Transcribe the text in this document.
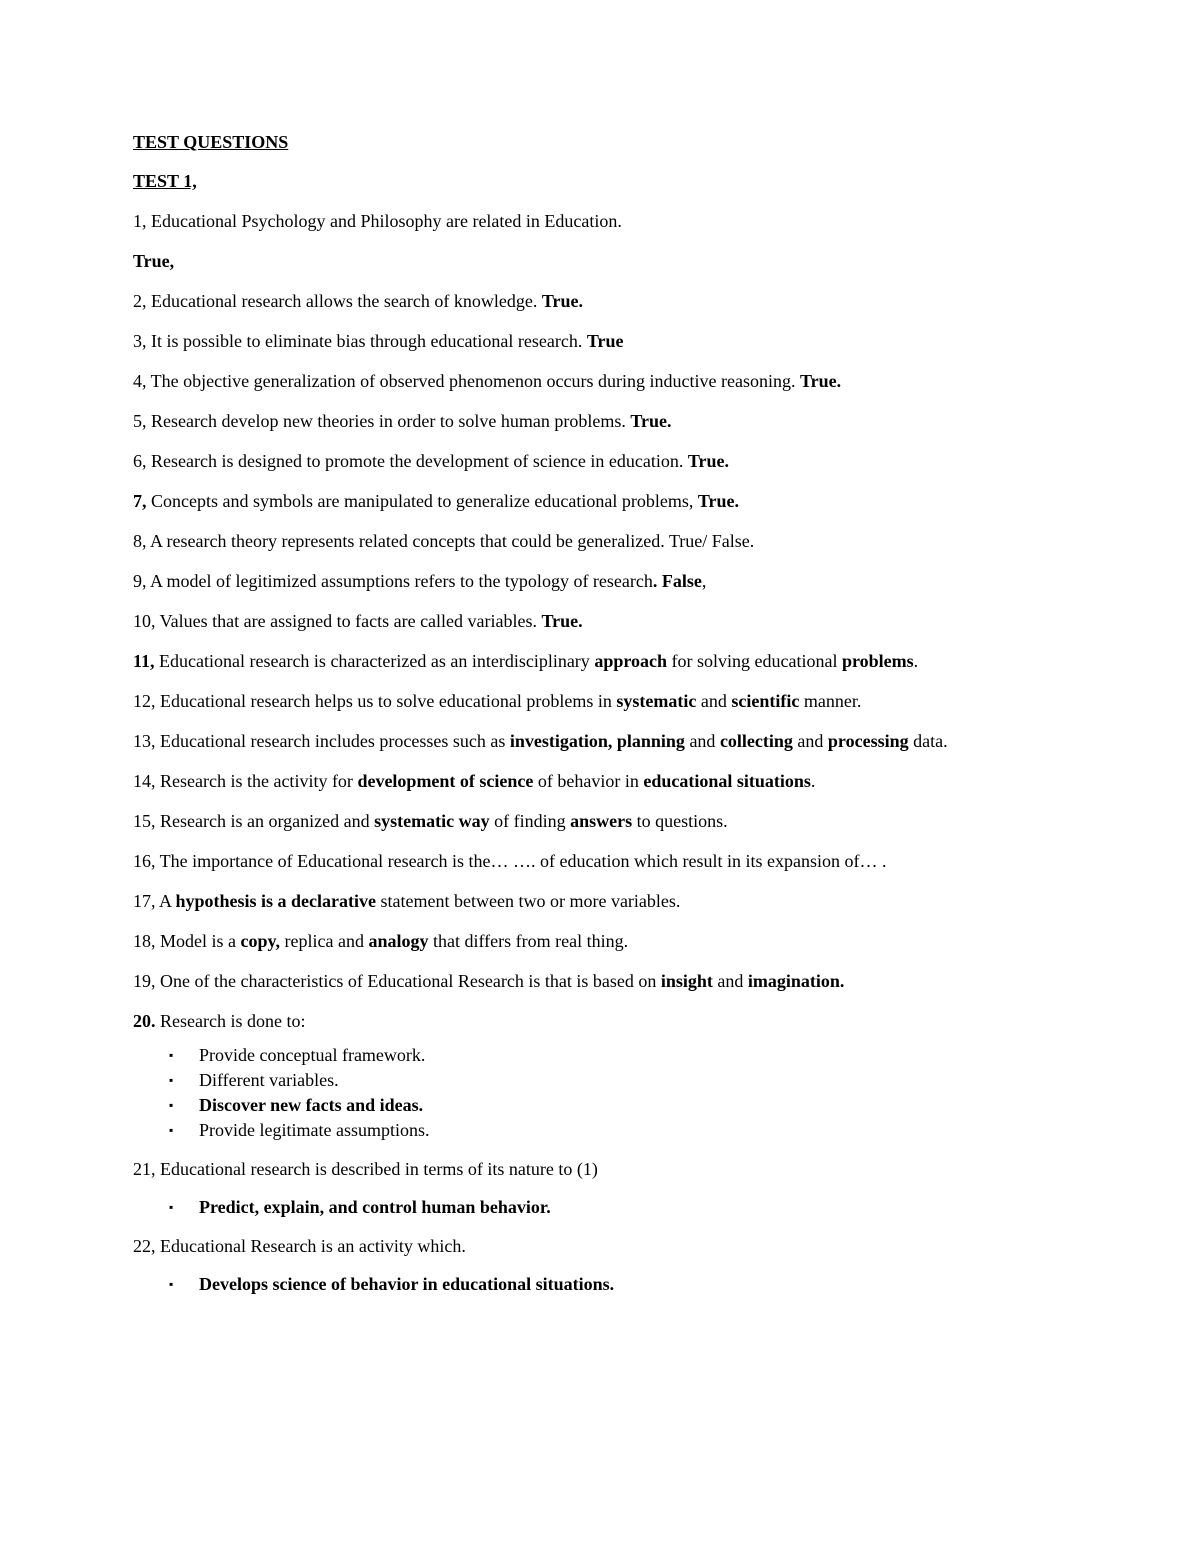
TEST QUESTIONS
TEST 1,
1, Educational Psychology and Philosophy are related in Education.
True,
2, Educational research allows the search of knowledge. True.
3, It is possible to eliminate bias through educational research. True
4, The objective generalization of observed phenomenon occurs during inductive reasoning. True.
5, Research develop new theories in order to solve human problems. True.
6, Research is designed to promote the development of science in education. True.
7, Concepts and symbols are manipulated to generalize educational problems, True.
8, A research theory represents related concepts that could be generalized. True/ False.
9, A model of legitimized assumptions refers to the typology of research. False,
10, Values that are assigned to facts are called variables. True.
11, Educational research is characterized as an interdisciplinary approach for solving educational problems.
12, Educational research helps us to solve educational problems in systematic and scientific manner.
13, Educational research includes processes such as investigation, planning and collecting and processing data.
14, Research is the activity for development of science of behavior in educational situations.
15, Research is an organized and systematic way of finding answers to questions.
16, The importance of Educational research is the… …. of education which result in its expansion of… .
17, A hypothesis is a declarative statement between two or more variables.
18, Model is a copy, replica and analogy that differs from real thing.
19, One of the characteristics of Educational Research is that is based on insight and imagination.
20. Research is done to:
▪ Provide conceptual framework.
▪ Different variables.
▪ Discover new facts and ideas.
▪ Provide legitimate assumptions.
21, Educational research is described in terms of its nature to (1)
▪ Predict, explain, and control human behavior.
22, Educational Research is an activity which.
▪ Develops science of behavior in educational situations.
